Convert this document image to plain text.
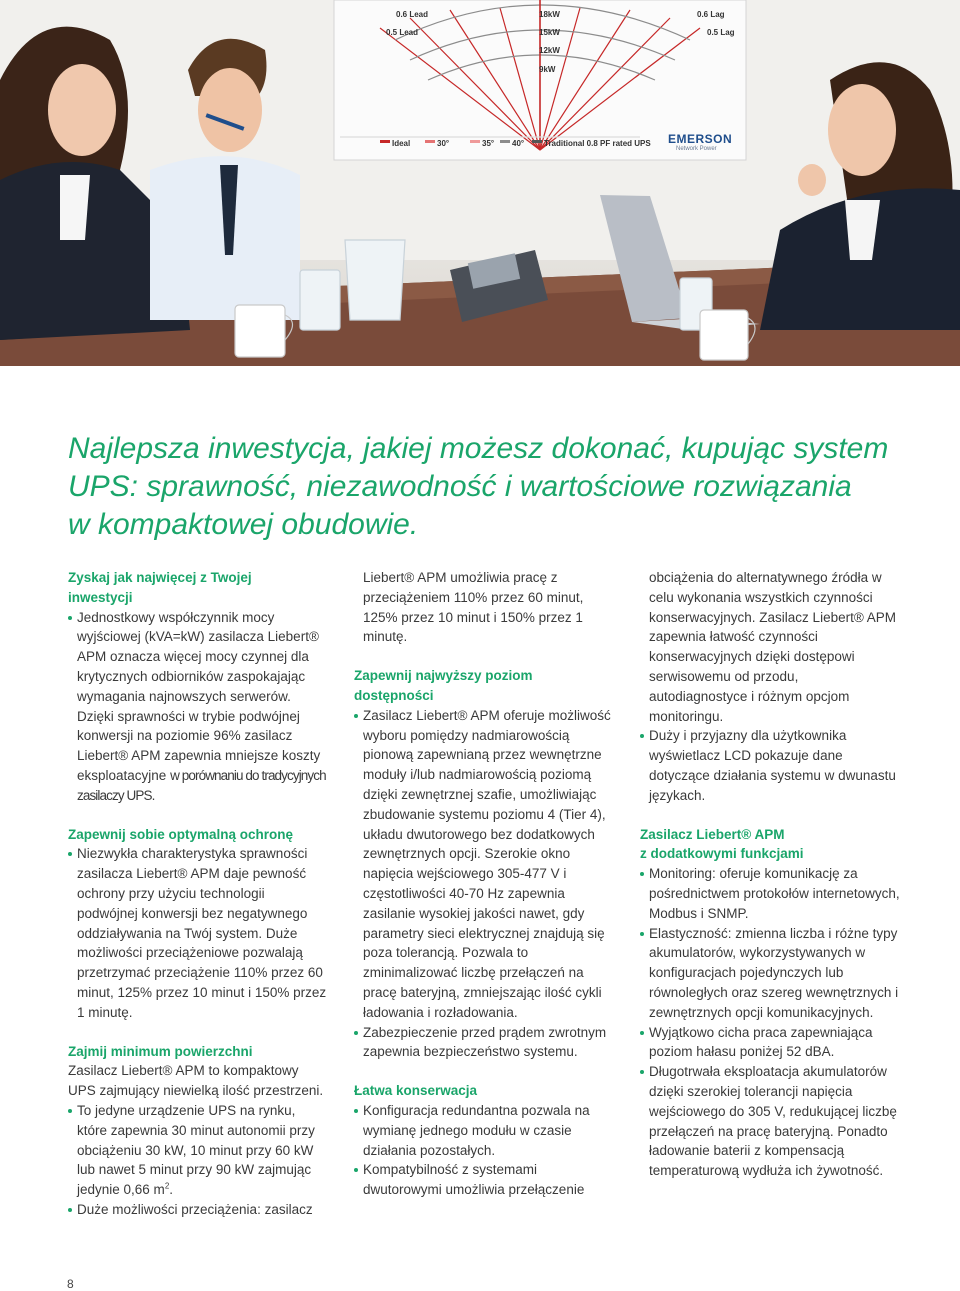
0.6 Lead
0.5 Lead
18kW
15kW
12kW
9kW
0.6 Lag
0.5 Lag
Ideal	30°	35° 40° Traditional 0.8 PF rated UPS EMERSON
Network Power
Najlepsza inwestycja, jakiej możesz dokonać, kupując system
UPS: sprawność, niezawodność i wartościowe rozwiązania
w kompaktowej obudowie.
Zyskaj jak najwięcej z Twojej
inwestycji
Jednostkowy współczynnik mocy wyjściowej (kVA=kW) zasilacza Liebert® APM oznacza więcej mocy czynnej dla krytycznych odbiorników zaspokajając wymagania najnowszych serwerów. Dzięki sprawności w trybie podwójnej konwersji na poziomie 96% zasilacz Liebert® APM zapewnia mniejsze koszty eksploatacyjne w porównaniu do tradycyjnych zasilaczy UPS.
Zapewnij sobie optymalną ochronę
Niezwykła charakterystyka sprawności zasilacza Liebert® APM daje pewność ochrony przy użyciu technologii podwójnej konwersji bez negatywnego oddziaływania na Twój system. Duże możliwości przeciążeniowe pozwalają przetrzymać przeciążenie 110% przez 60 minut, 125% przez 10 minut i 150% przez 1 minutę.
Zajmij minimum powierzchni

Zasilacz Liebert® APM to kompaktowy UPS zajmujący niewielką ilość przestrzeni.

To jedyne urządzenie UPS na rynku, które zapewnia 30 minut autonomii przy obciążeniu 30 kW, 10 minut przy 60 kW lub nawet 5 minut przy 90 kW zajmując jedynie 0,66 $m^2$.
Duże możliwości przeciążenia: zasilacz

Liebert® APM umożliwia pracę z przeciążeniem 110% przez 60 minut, 125% przez 10 minut i 150% przez 1 minutę.

Zapewnij najwyższy poziom
dostępności
Zasilacz Liebert® APM oferuje możliwość wyboru pomiędzy nadmiarowością pionową zapewnianą przez wewnętrzne moduły i/lub nadmiarowością poziomą dzięki zewnętrznej szafie, umożliwiając zbudowanie systemu poziomu 4 (Tier 4), układu dwutorowego bez dodatkowych zewnętrznych opcji. Szerokie okno napięcia wejściowego 305-477 V i częstotliwości 40-70 Hz zapewnia zasilanie wysokiej jakości nawet, gdy parametry sieci elektrycznej znajdują się poza tolerancją. Pozwala to zminimalizować liczbę przełączeń na pracę bateryjną, zmniejszając ilość cykli ładowania i rozładowania.
Zabezpieczenie przed prądem zwrotnym zapewnia bezpieczeństwo systemu.
Łatwa konserwacja
Konfiguracja redundantna pozwala na wymianę jednego modułu w czasie działania pozostałych.
Kompatybilność z systemami dwutorowymi umożliwia przełączenie

obciążenia do alternatywnego źródła w celu wykonania wszystkich czynności konserwacyjnych. Zasilacz Liebert® APM zapewnia łatwość czynności konserwacyjnych dzięki dostępowi serwisowemu od przodu, autodiagnostyce i różnym opcjom monitoringu.

Duży i przyjazny dla użytkownika wyświetlacz LCD pokazuje dane dotyczące działania systemu w dwunastu językach.
Zasilacz Liebert® APM
z dodatkowymi funkcjami
Monitoring: oferuje komunikację za pośrednictwem protokołów internetowych, Modbus i SNMP.
Elastyczność: zmienna liczba i różne typy akumulatorów, wykorzystywanych w konfiguracjach pojedynczych lub równoległych oraz szereg wewnętrznych i zewnętrznych opcji komunikacyjnych.
Wyjątkowo cicha praca zapewniająca poziom hałasu poniżej 52 dBA.
Długotrwała eksploatacja akumulatorów dzięki szerokiej tolerancji napięcia wejściowego do 305 V, redukującej liczbę przełączeń na pracę bateryjną. Ponadto ładowanie baterii z kompensacją temperaturową wydłuża ich żywotność.
8
